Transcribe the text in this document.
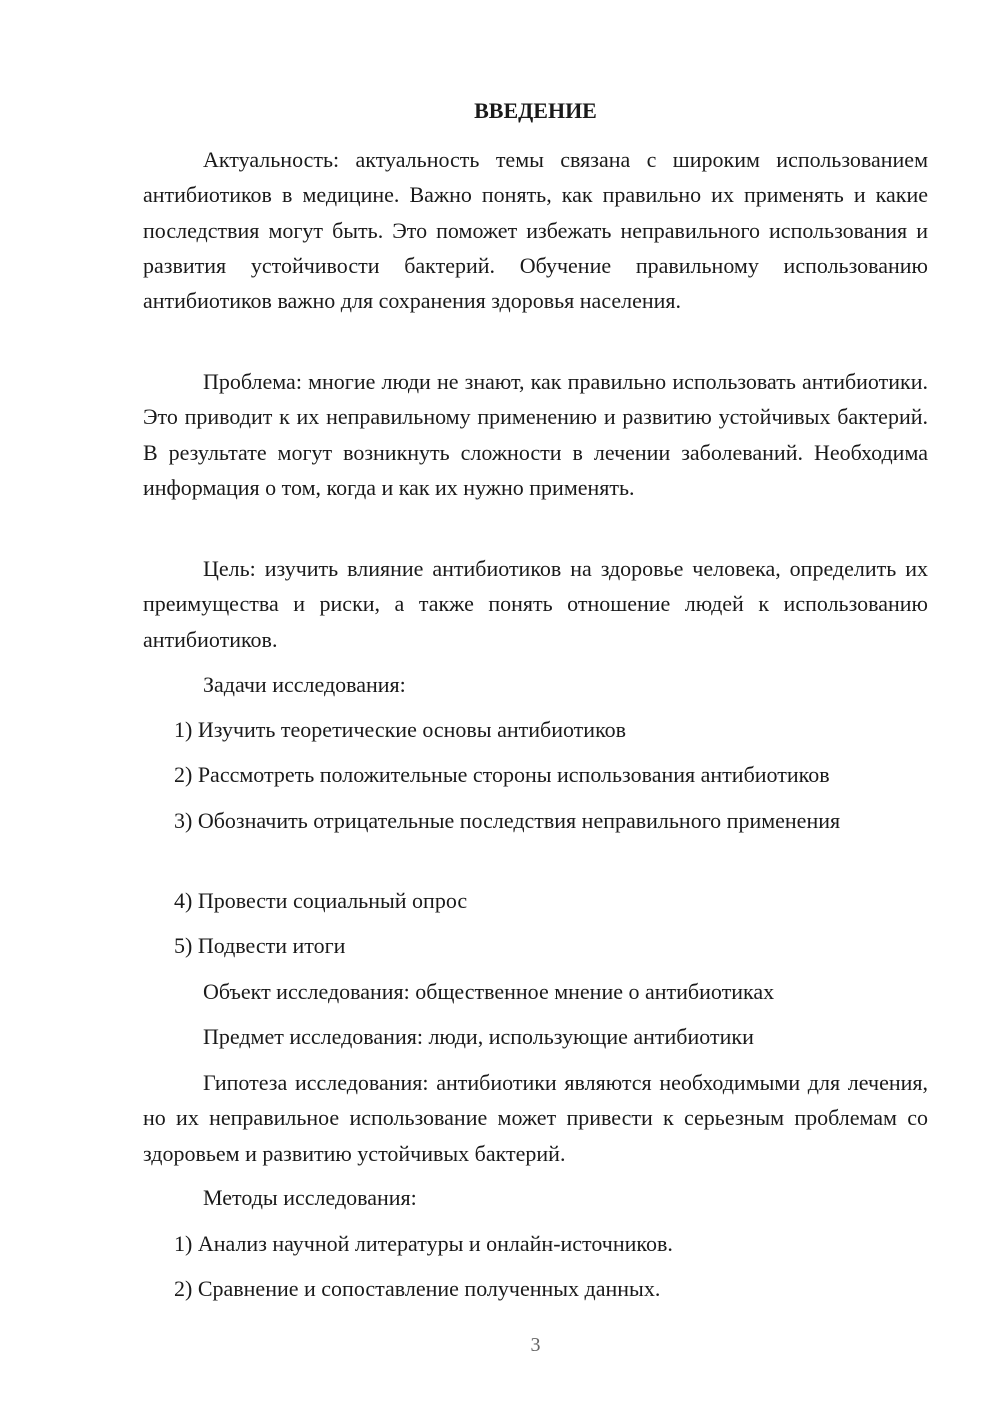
ВВЕДЕНИЕ

Актуальность: актуальность темы связана с широким использованием антибиотиков в медицине. Важно понять, как правильно их применять и какие последствия могут быть. Это поможет избежать неправильного использования и развития устойчивости бактерий. Обучение правильному использованию антибиотиков важно для сохранения здоровья населения.

Проблема: многие люди не знают, как правильно использовать антибиотики. Это приводит к их неправильному применению и развитию устойчивых бактерий. В результате могут возникнуть сложности в лечении заболеваний. Необходима информация о том, когда и как их нужно применять.

Цель: изучить влияние антибиотиков на здоровье человека, определить их преимущества и риски, а также понять отношение людей к использованию антибиотиков.

Задачи исследования:

1) Изучить теоретические основы антибиотиков

2) Рассмотреть положительные стороны использования антибиотиков

3) Обозначить отрицательные последствия неправильного применения

4) Провести социальный опрос

5) Подвести итоги

Объект исследования: общественное мнение о антибиотиках

Предмет исследования: люди, использующие антибиотики

Гипотеза исследования: антибиотики являются необходимыми для лечения, но их неправильное использование может привести к серьезным проблемам со здоровьем и развитию устойчивых бактерий.

Методы исследования:

1) Анализ научной литературы и онлайн-источников.

2) Сравнение и сопоставление полученных данных.

3
